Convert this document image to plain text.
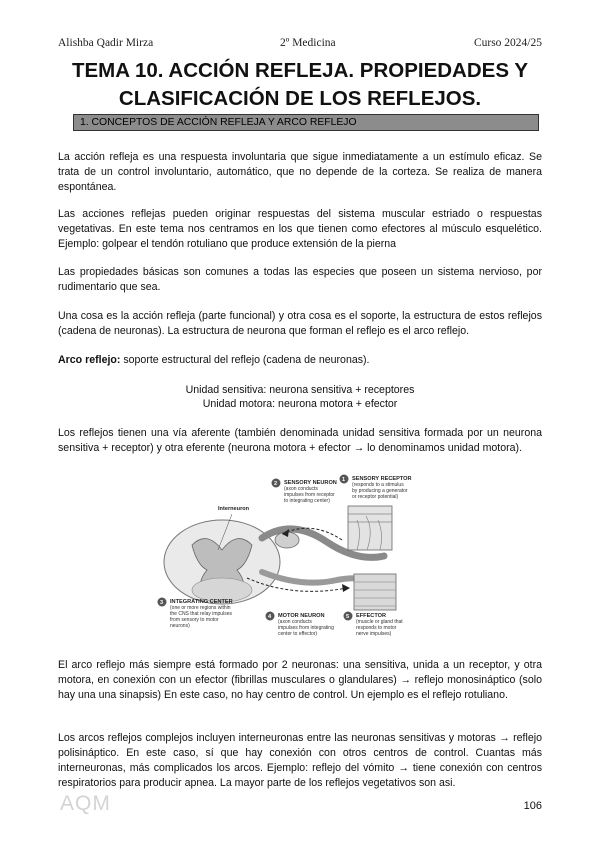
Alishba Qadir Mirza	2º Medicina	Curso 2024/25
TEMA 10. ACCIÓN REFLEJA. PROPIEDADES Y CLASIFICACIÓN DE LOS REFLEJOS.
1. CONCEPTOS DE ACCIÓN REFLEJA Y ARCO REFLEJO

La acción refleja es una respuesta involuntaria que sigue inmediatamente a un estímulo eficaz. Se trata de un control involuntario, automático, que no depende de la corteza. Se realiza de manera espontánea.

Las acciones reflejas pueden originar respuestas del sistema muscular estriado o respuestas vegetativas. En este tema nos centramos en los que tienen como efectores al músculo esquelético. Ejemplo: golpear el tendón rotuliano que produce extensión de la pierna

Las propiedades básicas son comunes a todas las especies que poseen un sistema nervioso, por rudimentario que sea.

Una cosa es la acción refleja (parte funcional) y otra cosa es el soporte, la estructura de estos reflejos (cadena de neuronas). La estructura de neurona que forman el reflejo es el arco reflejo.

Arco reflejo: soporte estructural del reflejo (cadena de neuronas).

Unidad sensitiva: neurona sensitiva + receptores

Unidad motora: neurona motora + efector

Los reflejos tienen una vía aferente (también denominada unidad sensitiva formada por un neurona sensitiva + receptor) y otra eferente (neurona motora + efector → lo denominamos unidad motora).

Interneuron
1 SENSORY RECEPTOR
(responds to a stimulus
by producing a generator
or receptor potential)
2 SENSORY NEURON
(axon conducts
impulses from receptor
to integrating center)
3 INTEGRATING CENTER
(one or more regions within
the CNS that relay impulses
from sensory to motor
neurons)
4 MOTOR NEURON
(axon conducts
impulses from integrating
center to effector)
5 EFFECTOR
(muscle or gland that
responds to motor
nerve impulses)

El arco reflejo más siempre está formado por 2 neuronas: una sensitiva, unida a un receptor, y otra motora, en conexión con un efector (fibrillas musculares o glandulares) → reflejo monosináptico (solo hay una una sinapsis) En este caso, no hay centro de control. Un ejemplo es el reflejo rotuliano.

Los arcos reflejos complejos incluyen interneuronas entre las neuronas sensitivas y motoras → reflejo polisináptico. En este caso, sí que hay conexión con otros centros de control. Cuantas más interneuronas, más complicados los arcos. Ejemplo: reflejo del vómito → tiene conexión con centros respiratorios para producir apnea. La mayor parte de los reflejos vegetativos son asi.

AQM	106
